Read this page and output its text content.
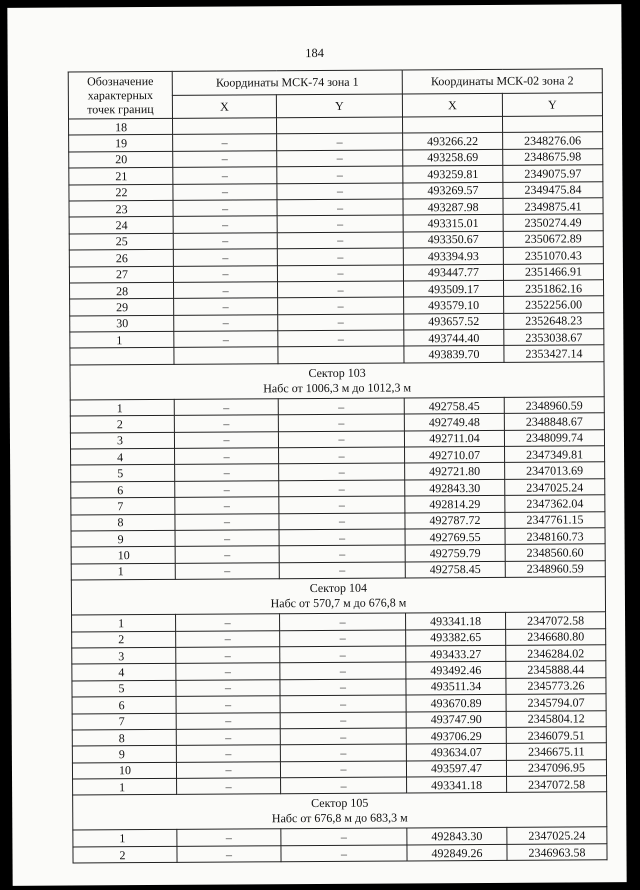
184
Обозначение характерных точек границ	Координаты МСК-74 зона 1		Координаты МСК-02 зона 2	
	X	Y	X	Y
18				
19	–	–	493266.22	2348276.06
20	–	–	493258.69	2348675.98
21	–	–	493259.81	2349075.97
22	–	–	493269.57	2349475.84
23	–	–	493287.98	2349875.41
24	–	–	493315.01	2350274.49
25	–	–	493350.67	2350672.89
26	–	–	493394.93	2351070.43
27	–	–	493447.77	2351466.91
28	–	–	493509.17	2351862.16
29	–	–	493579.10	2352256.00
30	–	–	493657.52	2352648.23
1	–	–	493744.40	2353038.67
			493839.70	2353427.14

Сектор 103
Набс от 1006,3 м до 1012,3 м				

1	–	–	492758.45	2348960.59
2	–	–	492749.48	2348848.67
3	–	–	492711.04	2348099.74
4	–	–	492710.07	2347349.81
5	–	–	492721.80	2347013.69
6	–	–	492843.30	2347025.24
7	–	–	492814.29	2347362.04
8	–	–	492787.72	2347761.15
9	–	–	492769.55	2348160.73
10	–	–	492759.79	2348560.60
1	–	–	492758.45	2348960.59

Сектор 104
Набс от 570,7 м до 676,8 м				

1	–	–	493341.18	2347072.58
2	–	–	493382.65	2346680.80
3	–	–	493433.27	2346284.02
4	–	–	493492.46	2345888.44
5	–	–	493511.34	2345773.26
6	–	–	493670.89	2345794.07
7	–	–	493747.90	2345804.12
8	–	–	493706.29	2346079.51
9	–	–	493634.07	2346675.11
10	–	–	493597.47	2347096.95
1	–	–	493341.18	2347072.58

Сектор 105
Набс от 676,8 м до 683,3 м				

1	–	–	492843.30	2347025.24
2	–	–	492849.26	2346963.58
